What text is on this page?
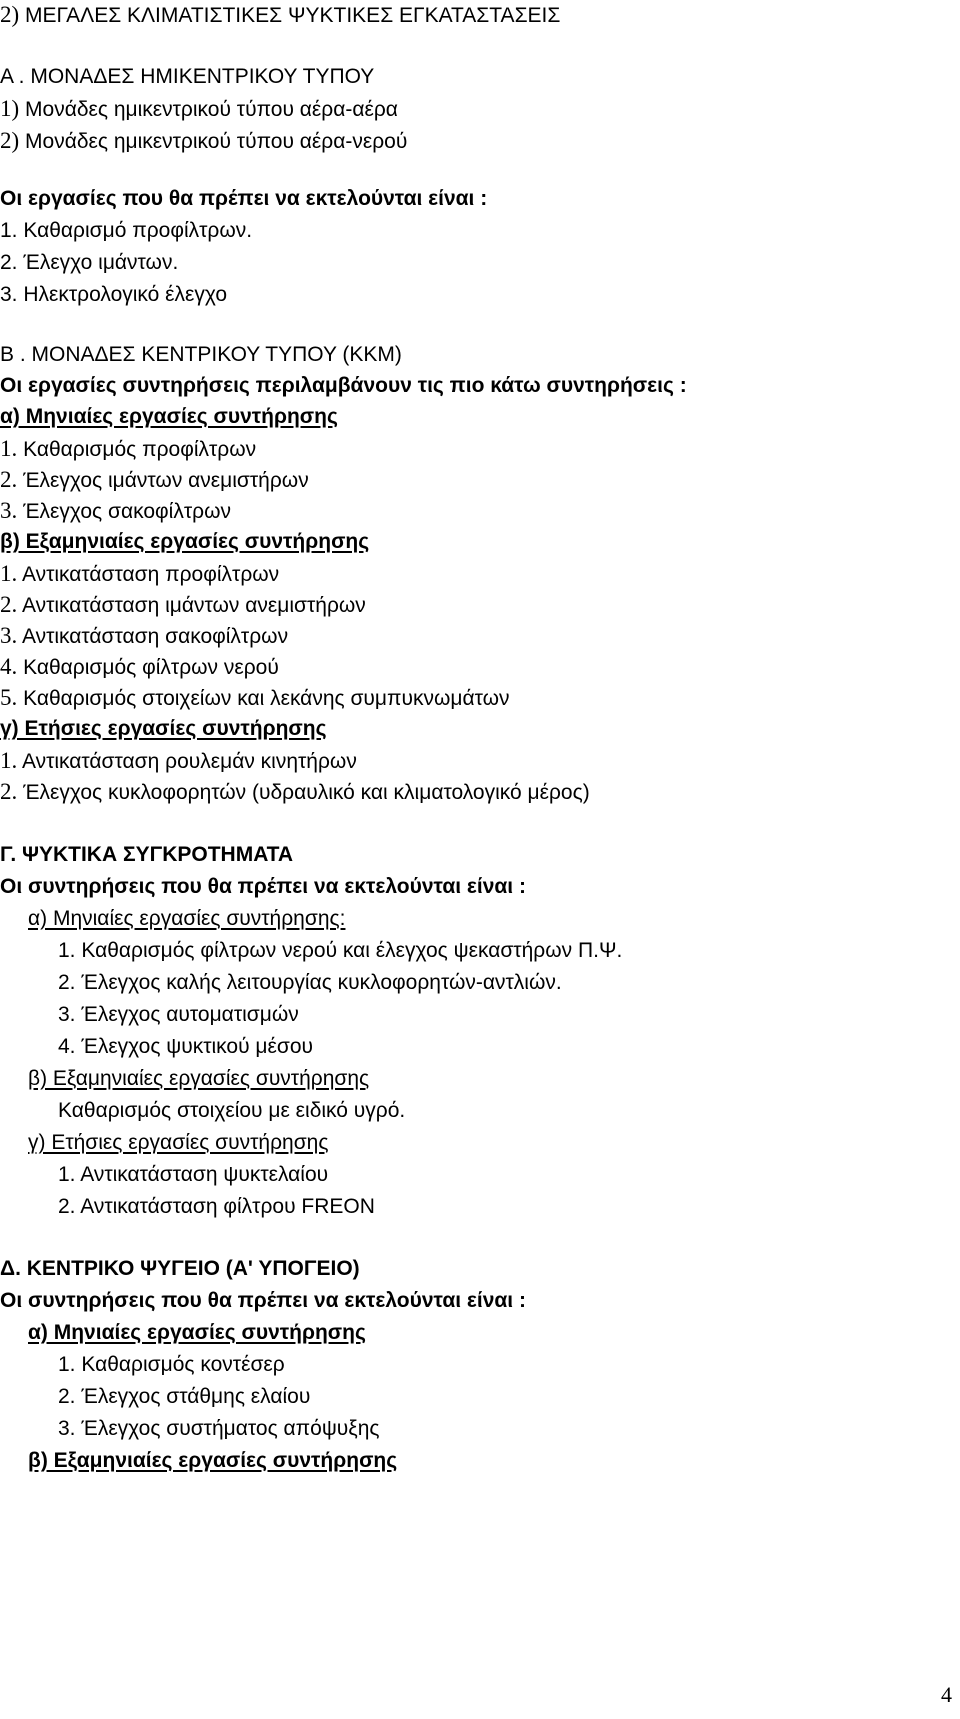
2) ΜΕΓΑΛΕΣ ΚΛΙΜΑΤΙΣΤΙΚΕΣ ΨΥΚΤΙΚΕΣ ΕΓΚΑΤΑΣΤΑΣΕΙΣ
Α . ΜΟΝΑΔΕΣ ΗΜΙΚΕΝΤΡΙΚΟΥ ΤΥΠΟΥ
1) Μονάδες ημικεντρικού τύπου αέρα-αέρα
2) Μονάδες ημικεντρικού τύπου αέρα-νερού
Οι εργασίες που θα πρέπει να εκτελούνται είναι :
1. Καθαρισμό προφίλτρων.
2. Έλεγχο ιμάντων.
3. Ηλεκτρολογικό έλεγχο
Β . ΜΟΝΑΔΕΣ ΚΕΝΤΡΙΚΟΥ ΤΥΠΟΥ (ΚΚΜ)
Οι εργασίες συντηρήσεις περιλαμβάνουν τις πιο κάτω συντηρήσεις :
α) Μηνιαίες εργασίες συντήρησης
1. Καθαρισμός προφίλτρων
2. Έλεγχος ιμάντων ανεμιστήρων
3. Έλεγχος σακοφίλτρων
β) Εξαμηνιαίες εργασίες συντήρησης
1. Αντικατάσταση προφίλτρων
2. Αντικατάσταση ιμάντων ανεμιστήρων
3. Αντικατάσταση σακοφίλτρων
4. Καθαρισμός φίλτρων νερού
5. Καθαρισμός στοιχείων και λεκάνης συμπυκνωμάτων
γ) Ετήσιες εργασίες συντήρησης
1. Αντικατάσταση ρουλεμάν κινητήρων
2. Έλεγχος κυκλοφορητών (υδραυλικό και κλιματολογικό μέρος)
Γ. ΨΥΚΤΙΚΑ ΣΥΓΚΡΟΤΗΜΑΤΑ
Οι συντηρήσεις που θα πρέπει να εκτελούνται είναι :
α) Μηνιαίες εργασίες συντήρησης:
1. Καθαρισμός φίλτρων νερού και έλεγχος ψεκαστήρων Π.Ψ.
2. Έλεγχος καλής λειτουργίας κυκλοφορητών-αντλιών.
3. Έλεγχος αυτοματισμών
4. Έλεγχος ψυκτικού μέσου
β) Εξαμηνιαίες εργασίες συντήρησης
Καθαρισμός στοιχείου με ειδικό υγρό.
γ) Ετήσιες εργασίες συντήρησης
1. Αντικατάσταση ψυκτελαίου
2. Αντικατάσταση φίλτρου FREON
Δ. ΚΕΝΤΡΙΚΟ ΨΥΓΕΙΟ (Α' ΥΠΟΓΕΙΟ)
Οι συντηρήσεις που θα πρέπει να εκτελούνται είναι :
α) Μηνιαίες εργασίες συντήρησης
1. Καθαρισμός κοντέσερ
2. Έλεγχος στάθμης ελαίου
3. Έλεγχος συστήματος απόψυξης
β) Εξαμηνιαίες εργασίες συντήρησης
4
